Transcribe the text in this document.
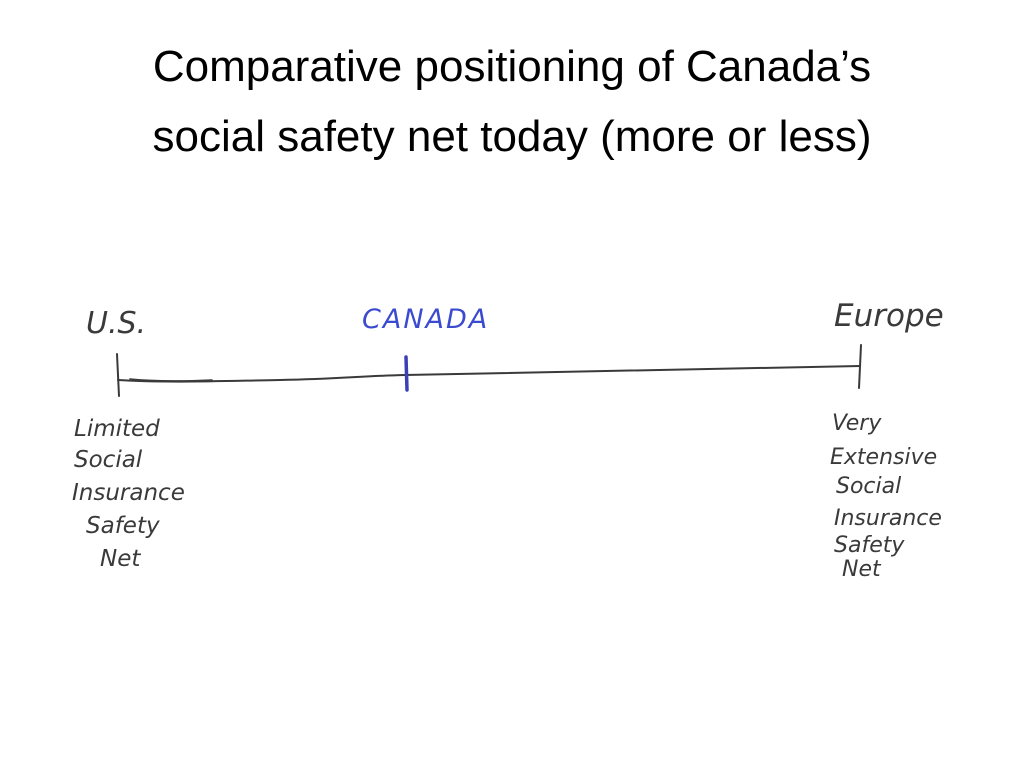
Comparative positioning of Canada’s
social safety net today (more or less)
U.S.	CANADA	Europe
Limited
Social
Insurance
Safety
Net
Very
Extensive
Social
Insurance
Safety
Net
